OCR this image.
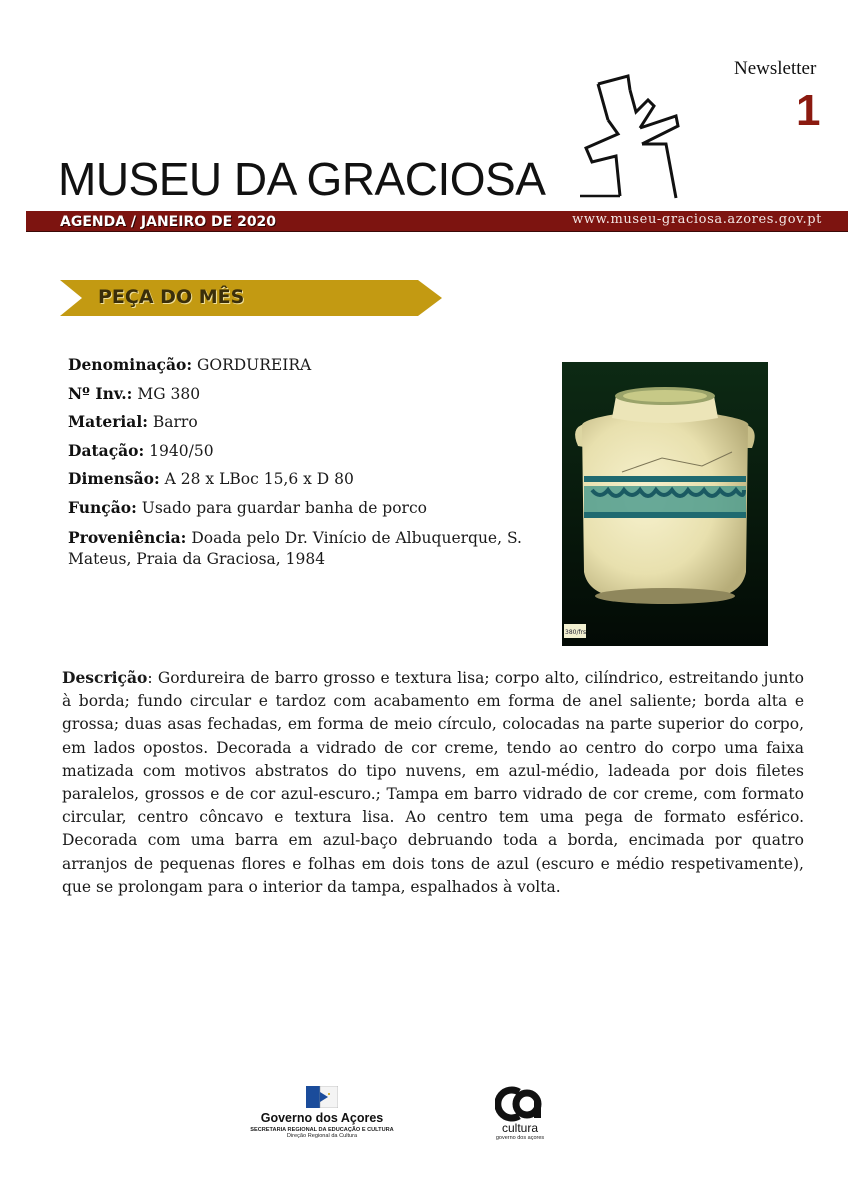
Newsletter
1
MUSEU DA GRACIOSA
AGENDA / JANEIRO DE 2020	www.museu-graciosa.azores.gov.pt
PEÇA DO MÊS
Denominação: GORDUREIRA
Nº Inv.: MG 380
Material: Barro
Datação: 1940/50
Dimensão: A 28 x LBoc 15,6 x D 80
Função: Usado para guardar banha de porco
Proveniência: Doada pelo Dr. Vinício de Albuquerque, S. Mateus, Praia da Graciosa, 1984
380/frs
Descrição: Gordureira de barro grosso e textura lisa; corpo alto, cilíndrico, estreitando junto à borda; fundo circular e tardoz com acabamento em forma de anel saliente; borda alta e grossa; duas asas fechadas, em forma de meio círculo, colocadas na parte superior do corpo, em lados opostos. Decorada a vidrado de cor creme, tendo ao centro do corpo uma faixa matizada com motivos abstratos do tipo nuvens, em azul-médio, ladeada por dois filetes paralelos, grossos e de cor azul-escuro.; Tampa em barro vidrado de cor creme, com formato circular, centro côncavo e textura lisa. Ao centro tem uma pega de formato esférico. Decorada com uma barra em azul-baço debruando toda a borda, encimada por quatro arranjos de pequenas flores e folhas em dois tons de azul (escuro e médio respetivamente), que se prolongam para o interior da tampa, espalhados à volta.
Governo dos Açores
SECRETARIA REGIONAL DA EDUCAÇÃO E CULTURA
Direção Regional da Cultura
cultura
governo dos açores
